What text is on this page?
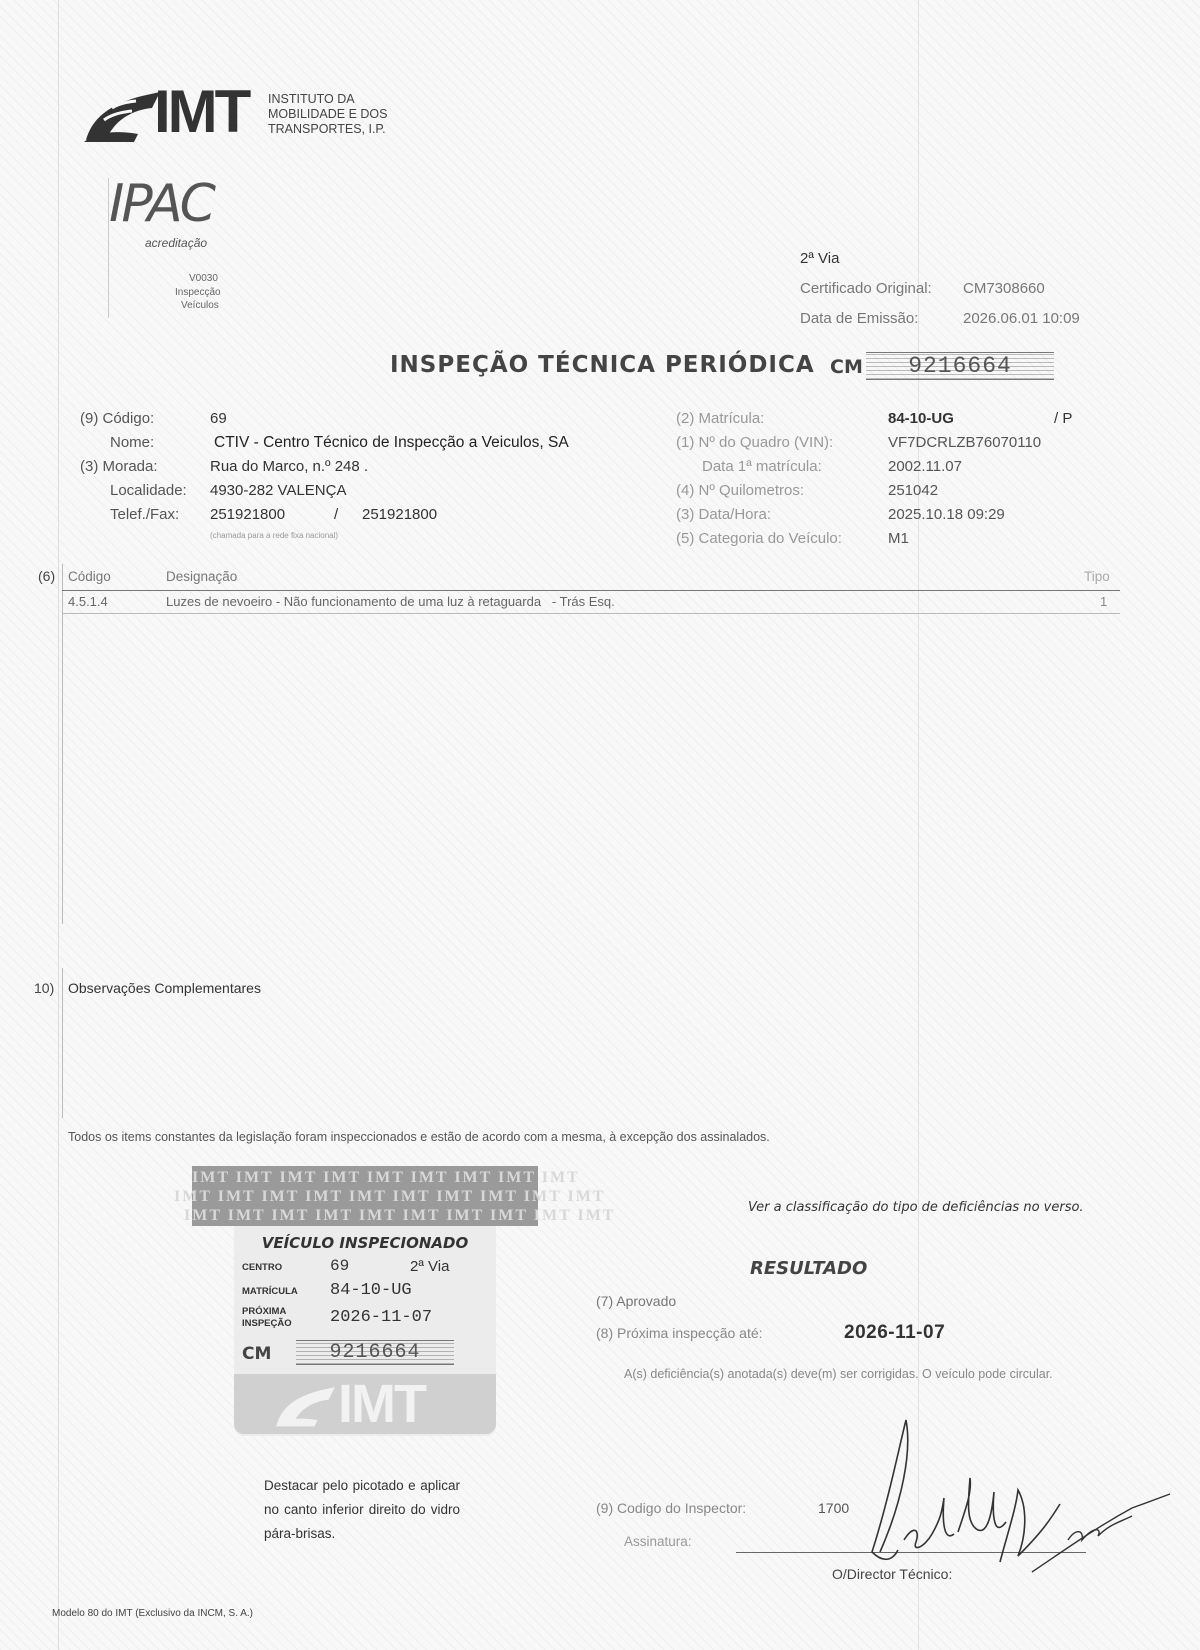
IMT INSTITUTO DA
MOBILIDADE E DOS
TRANSPORTES, I.P.
IPAC
acreditação
V0030
Inspecção
Veículos
2ª Via
Certificado Original: CM7308660
Data de Emissão:	2026.06.01 10:09
INSPEÇÃO TÉCNICA PERIÓDICA CM	9216664
(9) Código:	69
Nome:	CTIV - Centro Técnico de Inspecção a Veiculos, SA
(3) Morada:	Rua do Marco, n.º 248 .
Localidade: 4930-282 VALENÇA
Telef./Fax: 251921800	/ 251921800
(chamada para a rede fixa nacional)
(2) Matrícula:	84-10-UG	/ P
(1) Nº do Quadro (VIN):	VF7DCRLZB76070110
Data 1ª matrícula:	2002.11.07
(4) Nº Quilometros:	251042
(3) Data/Hora:	2025.10.18 09:29
(5) Categoria do Veículo:	M1
(6) Código	Designação	Tipo
4.5.1.4	Luzes de nevoeiro - Não funcionamento de uma luz à retaguarda   - Trás Esq.	1
10) Observações Complementares
Todos os items constantes da legislação foram inspeccionados e estão de acordo com a mesma, à excepção dos assinalados.
IMT IMT IMT IMT IMT IMT IMT IMT IMT
IMT IMT IMT IMT IMT IMT IMT IMT IMT IMT
IMT IMT IMT IMT IMT IMT IMT IMT IMT IMT
VEÍCULO INSPECIONADO
CENTRO	69	2ª Via
MATRÍCULA 84-10-UG
PRÓXIMA
INSPEÇÃO 2026-11-07
CM	9216664
IMT
Destacar pelo picotado e aplicar no canto inferior direito do vidro pára-brisas.
Ver a classificação do tipo de deficiências no verso.
RESULTADO
(7) Aprovado
(8) Próxima inspecção até:	2026-11-07
A(s) deficiência(s) anotada(s) deve(m) ser corrigidas. O veículo pode circular.
(9) Codigo do Inspector:	1700
Assinatura:
O/Director Técnico:
Modelo 80 do IMT (Exclusivo da INCM, S. A.)
